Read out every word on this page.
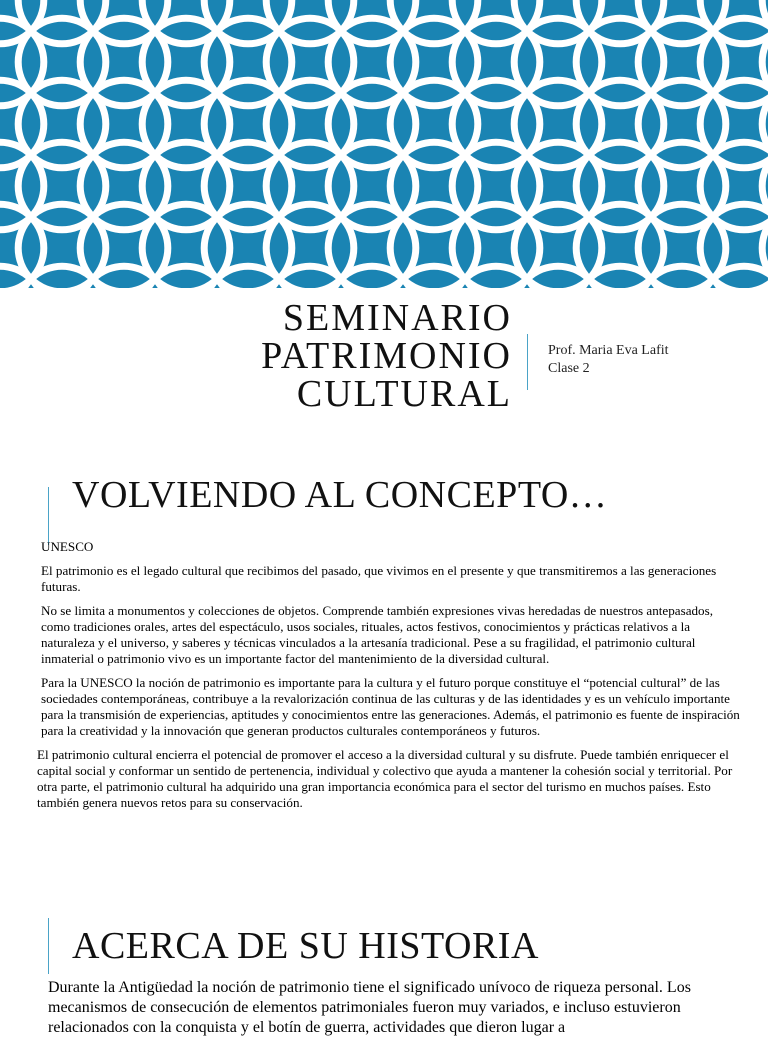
SEMINARIO
PATRIMONIO
CULTURAL
Prof. Maria Eva Lafit
Clase 2
VOLVIENDO AL CONCEPTO…

UNESCO

El patrimonio es el legado cultural que recibimos del pasado, que vivimos en el presente y que transmitiremos a las generaciones futuras.

No se limita a monumentos y colecciones de objetos. Comprende también expresiones vivas heredadas de nuestros antepasados, como tradiciones orales, artes del espectáculo, usos sociales, rituales, actos festivos, conocimientos y prácticas relativos a la naturaleza y el universo, y saberes y técnicas vinculados a la artesanía tradicional. Pese a su fragilidad, el patrimonio cultural inmaterial o patrimonio vivo es un importante factor del mantenimiento de la diversidad cultural.

Para la UNESCO la noción de patrimonio es importante para la cultura y el futuro porque constituye el “potencial cultural” de las sociedades contemporáneas, contribuye a la revalorización continua de las culturas y de las identidades y es un vehículo importante para la transmisión de experiencias, aptitudes y conocimientos entre las generaciones. Además, el patrimonio es fuente de inspiración para la creatividad y la innovación que generan productos culturales contemporáneos y futuros.

El patrimonio cultural encierra el potencial de promover el acceso a la diversidad cultural y su disfrute. Puede también enriquecer el capital social y conformar un sentido de pertenencia, individual y colectivo que ayuda a mantener la cohesión social y territorial. Por otra parte, el patrimonio cultural ha adquirido una gran importancia económica para el sector del turismo en muchos países. Esto también genera nuevos retos para su conservación.

ACERCA DE SU HISTORIA

Durante la Antigüedad la noción de patrimonio tiene el significado unívoco de riqueza personal. Los mecanismos de consecución de elementos patrimoniales fueron muy variados, e incluso estuvieron relacionados con la conquista y el botín de guerra, actividades que dieron lugar a
